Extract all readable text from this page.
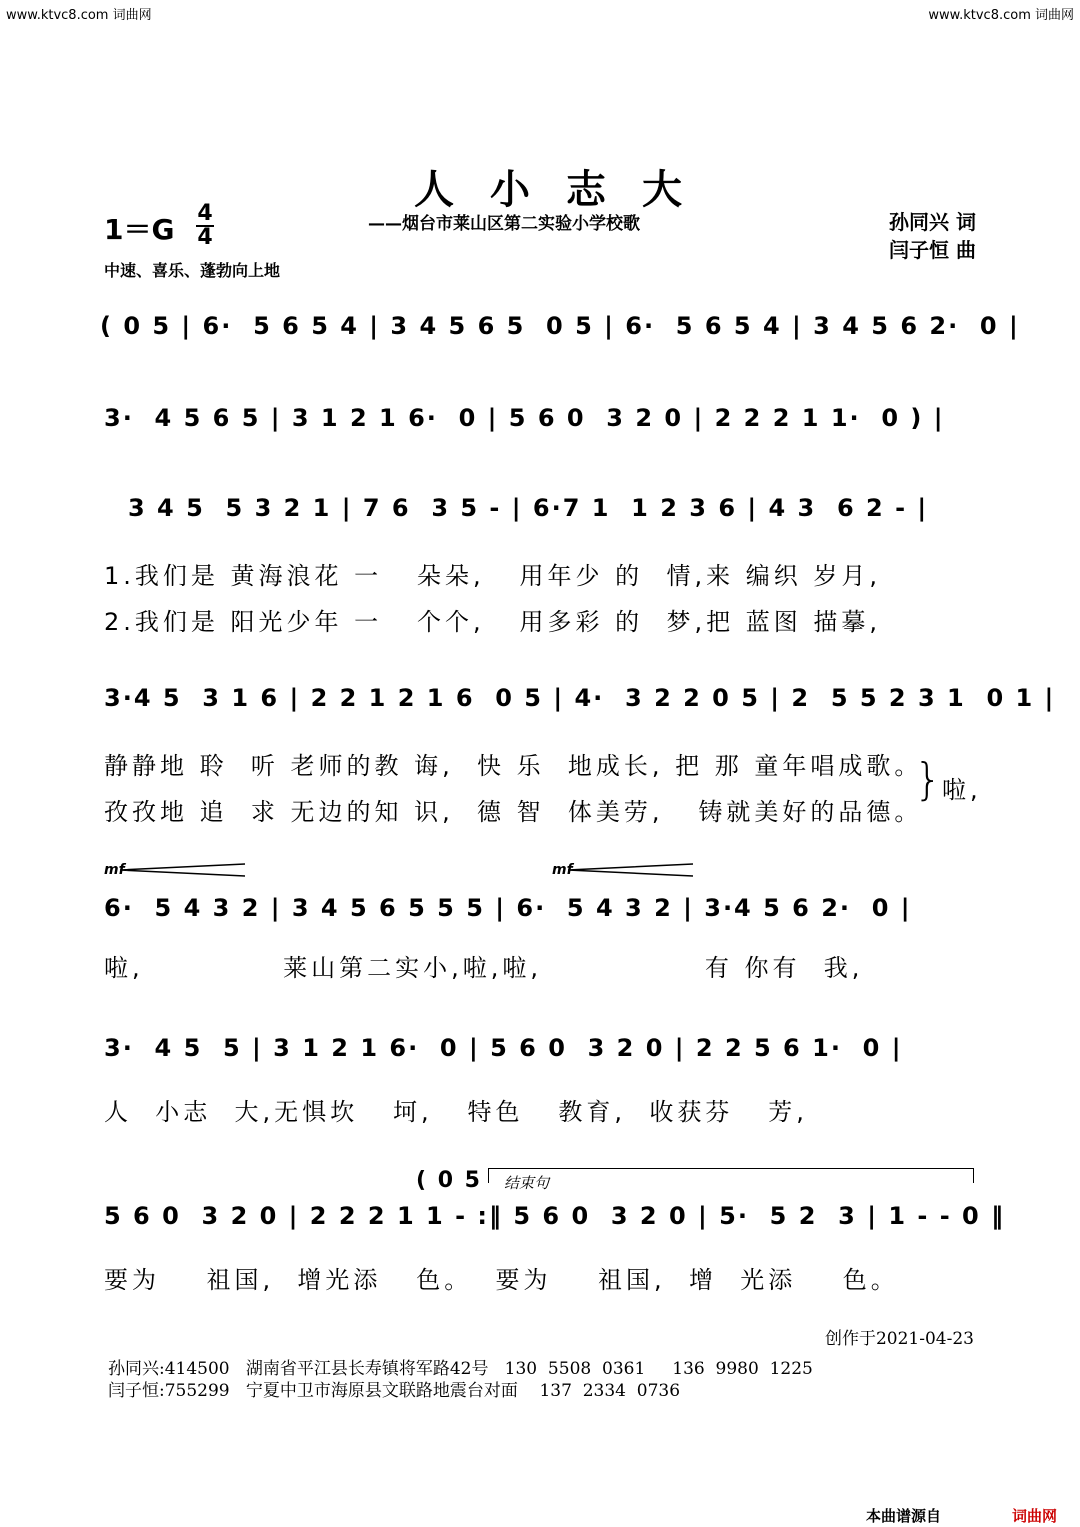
www.ktvc8.com 词曲网	www.ktvc8.com 词曲网
人小志大
——烟台市莱山区第二实验小学校歌	孙同兴 词
闫子恒 曲
1＝G 4
4
中速、喜乐、蓬勃向上地
( 0 5 | 6·  5 6 5 4 | 3 4 5 6 5  0 5 | 6·  5 6 5 4 | 3 4 5 6 2·  0 |
3·  4 5 6 5 | 3 1 2 1 6·  0 | 5 6 0  3 2 0 | 2 2 2 1 1·  0 ) |
3 4 5  5 3 2 1 | 7 6  3 5 - | 6·7 1  1 2 3 6 | 4 3  6 2 - |
1.我们是 黄海浪花 一   朵朵,   用年少 的  情,来 编织 岁月,
2.我们是 阳光少年 一   个个,   用多彩 的  梦,把 蓝图 描摹,
3·4 5  3 1 6 | 2 2 1 2 1 6  0 5 | 4·  3 2 2 0 5 | 2  5 5 2 3 1  0 1 |
静静地 聆  听 老师的教 诲,  快 乐  地成长, 把 那 童年唱成歌。
孜孜地 追  求 无边的知 识,  德 智  体美劳,   铸就美好的品德。
} 啦,
mf	mf
6·  5 4 3 2 | 3 4 5 6 5 5 5 | 6·  5 4 3 2 | 3·4 5 6 2·  0 |
啦,            莱山第二实小,啦,啦,              有 你有  我,
3·  4 5  5 | 3 1 2 1 6·  0 | 5 6 0  3 2 0 | 2 2 5 6 1·  0 |
人  小志  大,无惧坎   坷,   特色   教育,  收获芬   芳,
( 0 5 结束句
5 6 0  3 2 0 | 2 2 2 1 1 - :‖ 5 6 0  3 2 0 | 5·  5 2  3 | 1 - - 0 ‖
要为    祖国,  增光添   色。  要为    祖国,  增  光添    色。
创作于2021-04-23
孙同兴:414500   湖南省平江县长寿镇将军路42号   130  5508  0361     136  9980  1225
闫子恒:755299   宁夏中卫市海原县文联路地震台对面    137  2334  0736
本曲谱源自	词曲网
